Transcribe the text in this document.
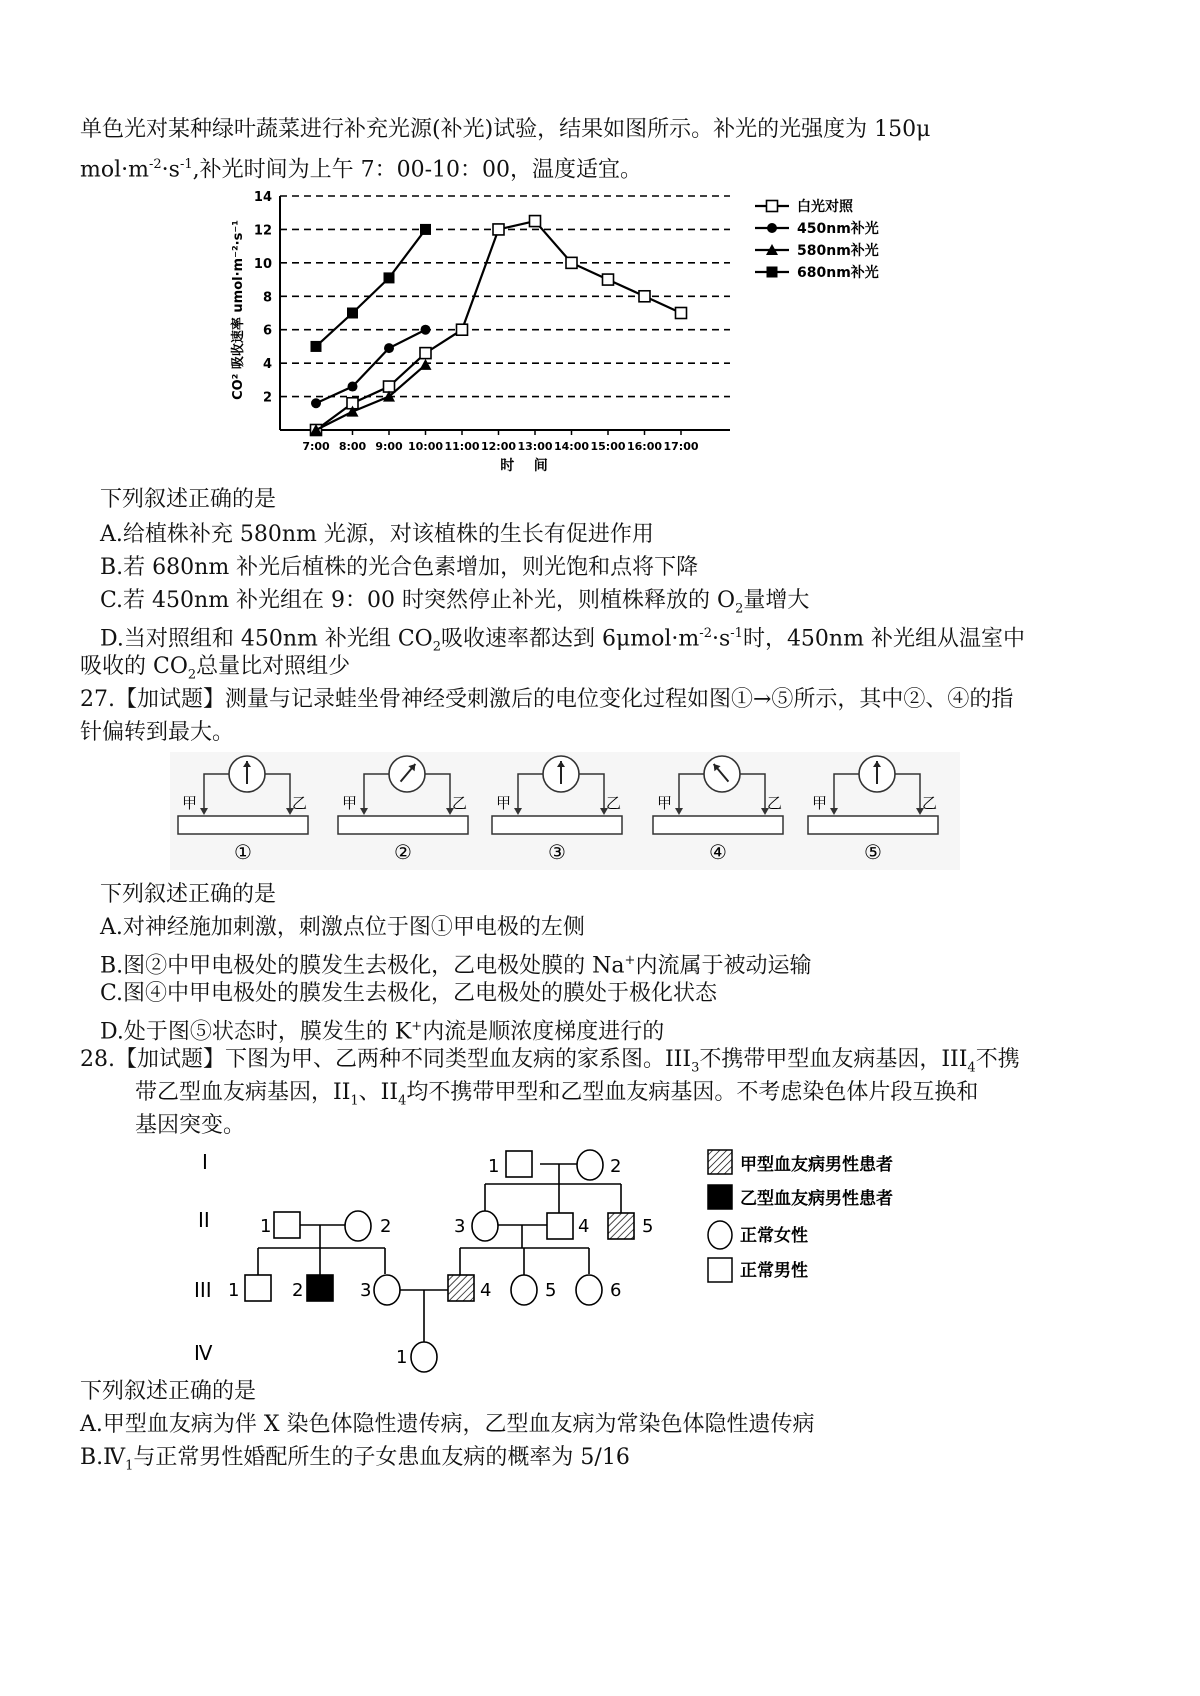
单色光对某种绿叶蔬菜进行补充光源(补光)试验，结果如图所示。补光的光强度为 150μ
$mol\cdot m^{-2}\cdot s^{-1}$,补光时间为上午 7：00-10：00，温度适宜。
2
4
6
8
10
12
14
7:00 8:00 9:00 10:00 11:00 12:00 13:00 14:00 15:00 16:00 17:00
白光对照
450nm补光
580nm补光
680nm补光
CO² 吸收速率 umol·m⁻²·s⁻¹
时    间
下列叙述正确的是
A.给植株补充 580nm 光源，对该植株的生长有促进作用
B.若 680nm 补光后植株的光合色素增加，则光饱和点将下降
C.若 450nm 补光组在 9：00 时突然停止补光，则植株释放的 $O_2$量增大
D.当对照组和 450nm 补光组 $CO_2$吸收速率都达到 $6\mu mol\cdot m^{-2}\cdot s^{-1}$时，450nm 补光组从温室中
吸收的 $CO_2$总量比对照组少
27.【加试题】测量与记录蛙坐骨神经受刺激后的电位变化过程如图①→⑤所示，其中②、④的指
针偏转到最大。
甲	乙
①
甲	乙
②
甲	乙
③
甲	乙
④
甲	乙
⑤
下列叙述正确的是
A.对神经施加刺激，刺激点位于图①甲电极的左侧
B.图②中甲电极处的膜发生去极化，乙电极处膜的 Na+内流属于被动运输
C.图④中甲电极处的膜发生去极化，乙电极处的膜处于极化状态
D.处于图⑤状态时，膜发生的 K+内流是顺浓度梯度进行的
28.【加试题】下图为甲、乙两种不同类型血友病的家系图。$III_3$不携带甲型血友病基因，$III_4$不携
带乙型血友病基因，$II_1$、$II_4$均不携带甲型和乙型血友病基因。不考虑染色体片段互换和
基因突变。
I
II
III
Ⅳ
1	2
1	2	3	4	5
1	2	3	4	5	6
1
甲型血友病男性患者
乙型血友病男性患者
正常女性
正常男性
下列叙述正确的是
A.甲型血友病为伴 X 染色体隐性遗传病，乙型血友病为常染色体隐性遗传病
$B.Ⅳ_1$与正常男性婚配所生的子女患血友病的概率为 5/16
